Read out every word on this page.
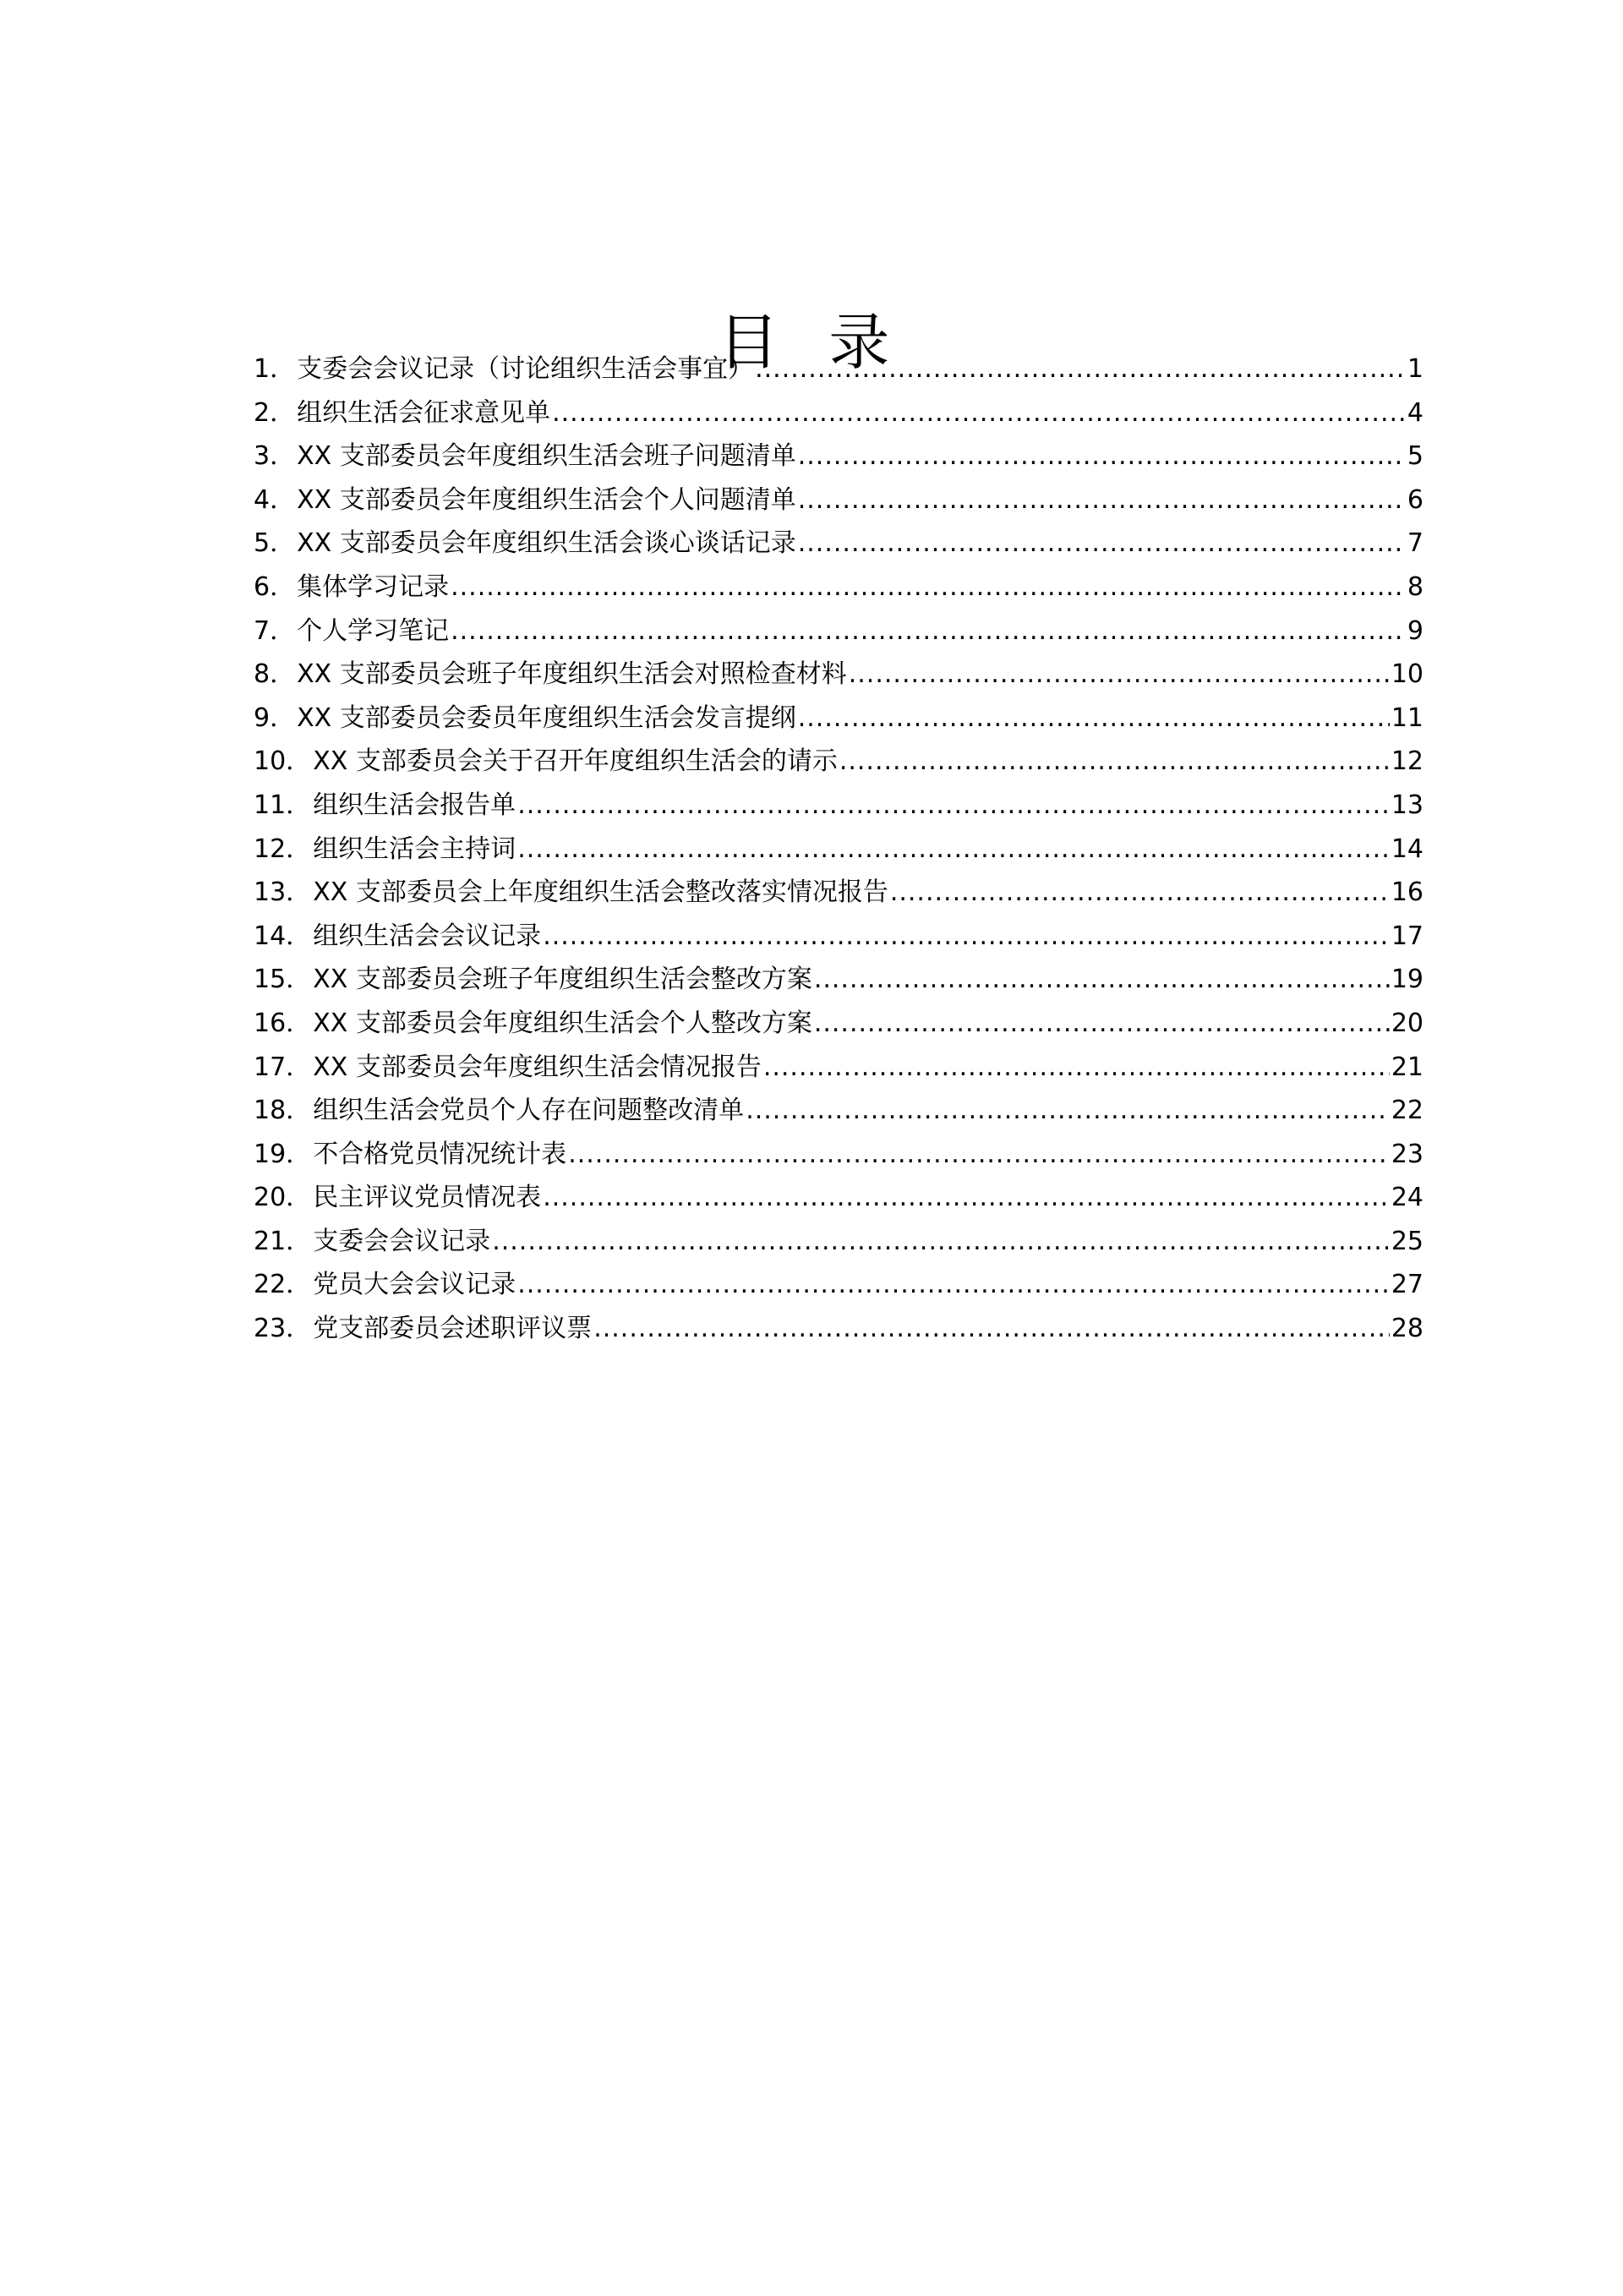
目 录
1． 支委会会议记录（讨论组织生活会事宜） .....	1
2． 组织生活会征求意见单 .....	4
3． XX 支部委员会年度组织生活会班子问题清单 .....	5
4． XX 支部委员会年度组织生活会个人问题清单 .....	6
5． XX 支部委员会年度组织生活会谈心谈话记录 .....	7
6． 集体学习记录 .....	8
7． 个人学习笔记 .....	9
8． XX 支部委员会班子年度组织生活会对照检查材料 .....	10
9． XX 支部委员会委员年度组织生活会发言提纲 .....	11
10． XX 支部委员会关于召开年度组织生活会的请示 .....	12
11． 组织生活会报告单 .....	13
12． 组织生活会主持词 .....	14
13． XX 支部委员会上年度组织生活会整改落实情况报告 .....	16
14． 组织生活会会议记录 .....	17
15． XX 支部委员会班子年度组织生活会整改方案 .....	19
16． XX 支部委员会年度组织生活会个人整改方案 .....	20
17． XX 支部委员会年度组织生活会情况报告 .....	21
18． 组织生活会党员个人存在问题整改清单 .....	22
19． 不合格党员情况统计表 .....	23
20． 民主评议党员情况表 .....	24
21． 支委会会议记录 .....	25
22． 党员大会会议记录 .....	27
23． 党支部委员会述职评议票 .....	28
